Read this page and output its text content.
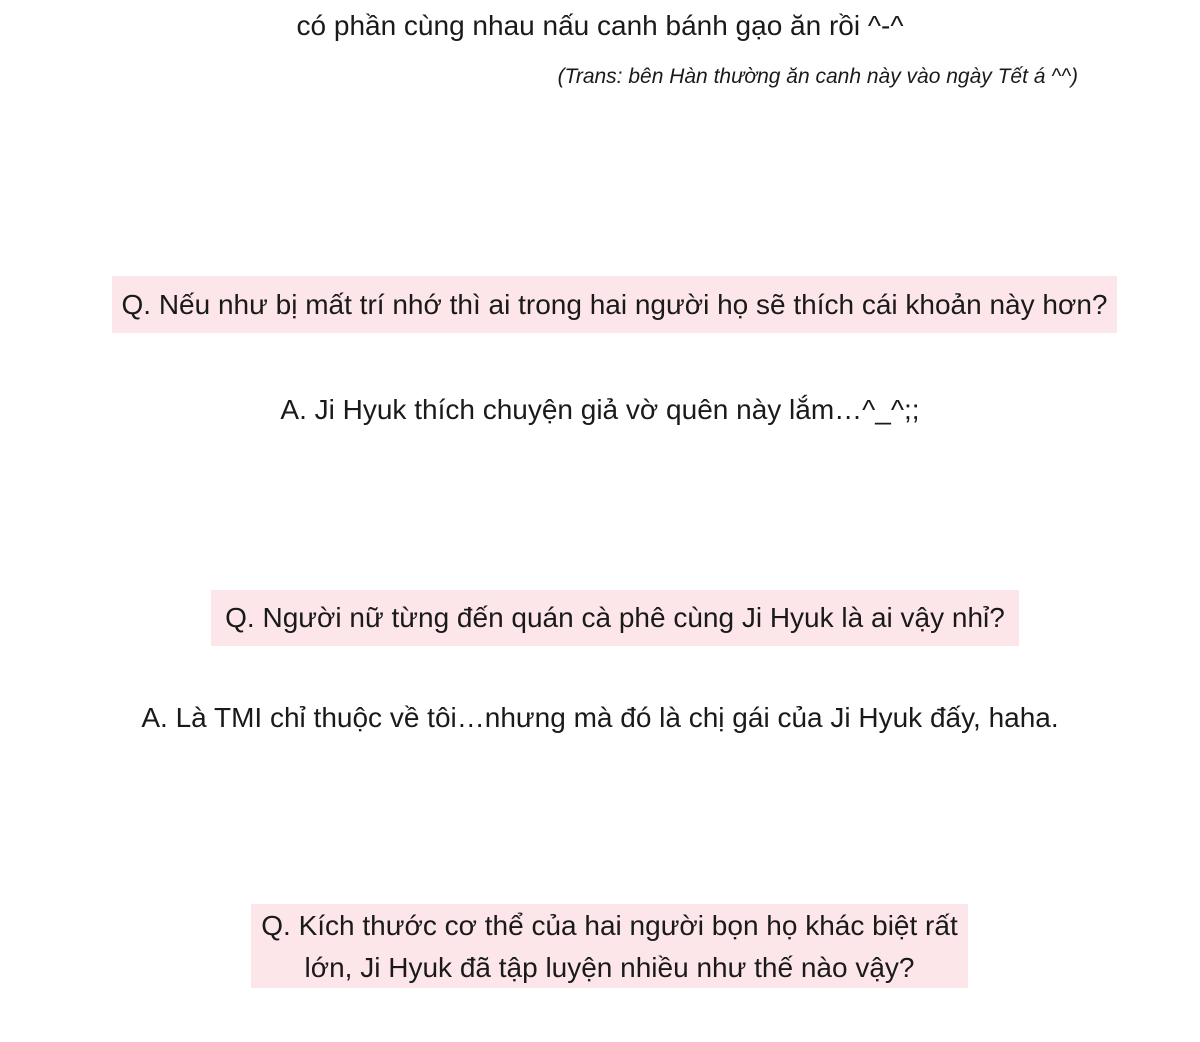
có phần cùng nhau nấu canh bánh gạo ăn rồi ^-^
(Trans: bên Hàn thường ăn canh này vào ngày Tết á ^^)
Q. Nếu như bị mất trí nhớ thì ai trong hai người họ sẽ thích cái khoản này hơn?
A. Ji Hyuk thích chuyện giả vờ quên này lắm…^_^;;
Q. Người nữ từng đến quán cà phê cùng Ji Hyuk là ai vậy nhỉ?
A. Là TMI chỉ thuộc về tôi…nhưng mà đó là chị gái của Ji Hyuk đấy, haha.
Q. Kích thước cơ thể của hai người bọn họ khác biệt rất
lớn, Ji Hyuk đã tập luyện nhiều như thế nào vậy?
